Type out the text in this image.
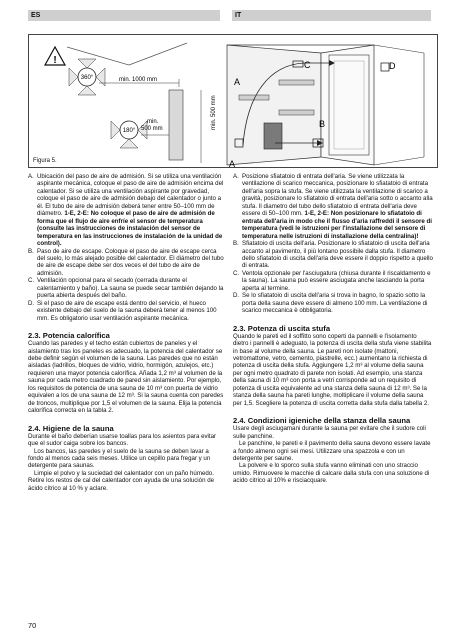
ES	IT
!
360°
180°
min. 1000 mm
min.
500 mm	min. 500 mm
A
A
B
C	D
Figura 5.
A. Ubicación del paso de aire de admisión. Si se utiliza una ventilación aspirante mecánica, coloque el paso de aire de admisión encima del calentador. Si se utiliza una ventilación aspirante por gravedad, coloque el paso de aire de admisión debajo del calentador o junto a él. El tubo de aire de admisión deberá tener entre 50–100 mm de diámetro. 1-E, 2-E: No coloque el paso de aire de admisión de forma que el flujo de aire enfríe el sensor de temperatura (consulte las instrucciones de instalación del sensor de temperatura en las instrucciones de instalación de la unidad de control).
B. Paso de aire de escape. Coloque el paso de aire de escape cerca del suelo, lo más alejado posible del calentador. El diámetro del tubo de aire de escape debe ser dos veces el del tubo de aire de admisión.
C. Ventilación opcional para el secado (cerrada durante el calentamiento y baño). La sauna se puede secar también dejando la puerta abierta después del baño.
D. Si el paso de aire de escape está dentro del servicio, el hueco existente debajo del suelo de la sauna deberá tener al menos 100 mm. Es obligatorio usar ventilación aspirante mecánica.
2.3. Potencia calorífica

Cuando las paredes y el techo están cubiertos de paneles y el aislamiento tras los paneles es adecuado, la potencia del calentador se debe definir según el volumen de la sauna. Las paredes que no están aisladas (ladrillos, bloques de vidrio, vidrio, hormigón, azulejos, etc.) requieren una mayor potencia calorífica. Añada 1,2 m³ al volumen de la sauna por cada metro cuadrado de pared sin aislamiento. Por ejemplo, los requisitos de potencia de una sauna de 10 m³ con puerta de vidrio equivalen a los de una sauna de 12 m³. Si la sauna cuenta con paredes de troncos, multiplique por 1,5 el volumen de la sauna. Elija la potencia calorífica correcta en la tabla 2.

2.4. Higiene de la sauna

Durante el baño deberían usarse toallas para los asientos para evitar que el sudor caiga sobre los bancos.

Los bancos, las paredes y el suelo de la sauna se deben lavar a fondo al menos cada seis meses. Utilice un cepillo para fregar y un detergente para saunas.

Limpie el polvo y la suciedad del calentador con un paño húmedo. Retire los restos de cal del calentador con ayuda de una solución de ácido cítrico al 10 % y aclare.

A. Posizione sfiatatoio di entrata dell'aria. Se viene utilizzata la ventilazione di scarico meccanica, posizionare lo sfiatatoio di entrata dell'aria sopra la stufa. Se viene utilizzata la ventilazione di scarico a gravità, posizionare lo sfiatatoio di entrata dell'aria sotto o accanto alla stufa. Il diametro del tubo dello sfiatatoio di entrata dell'aria deve essere di 50–100 mm. 1-E, 2-E: Non posizionare lo sfiatatoio di entrata dell'aria in modo che il flusso d'aria raffreddi il sensore di temperatura (vedi le istruzioni per l'installazione del sensore di temperatura nelle istruzioni di installazione della centralina)!
B. Sfiatatoio di uscita dell'aria. Posizionare lo sfiatatoio di uscita dell'aria accanto al pavimento, il più lontano possibile dalla stufa. Il diametro dello sfiatatoio di uscita dell'aria deve essere il doppio rispetto a quello di entrata.
C. Ventola opzionale per l'asciugatura (chiusa durante il riscaldamento e la sauna). La sauna può essere asciugata anche lasciando la porta aperta al termine.
D. Se lo sfiatatoio di uscita dell'aria si trova in bagno, lo spazio sotto la porta della sauna deve essere di almeno 100 mm. La ventilazione di scarico meccanica è obbligatoria.
2.3. Potenza di uscita stufa

Quando le pareti ed il soffitto sono coperti da pannelli e l'isolamento dietro i pannelli è adeguato, la potenza di uscita della stufa viene stabilita in base al volume della sauna. Le pareti non isolate (mattoni, vetromattone, vetro, cemento, piastrelle, ecc.) aumentano la richiesta di potenza di uscita della stufa. Aggiungere 1,2 m³ al volume della sauna per ogni metro quadrato di parete non isolati. Ad esempio, una stanza della sauna di 10 m³ con porta a vetri corrisponde ad un requisito di potenza di uscita equivalente ad una stanza della sauna di 12 m³. Se la stanza della sauna ha pareti lunghe, moltiplicare il volume della sauna per 1,5. Scegliere la potenza di uscita corretta dalla stufa dalla tabella 2.

2.4. Condizioni igieniche della stanza della sauna

Usare degli asciugamani durante la sauna per evitare che il sudore coli sulle panchine.

Le panchine, le pareti e il pavimento della sauna devono essere lavate a fondo almeno ogni sei mesi. Utilizzare una spazzola e con un detergente per saune.

La polvere e lo sporco sulla stufa vanno eliminati con uno straccio umido. Rimuovere le macchie di calcare dalla stufa con una soluzione di acido citrico al 10% e risciacquare.

70
